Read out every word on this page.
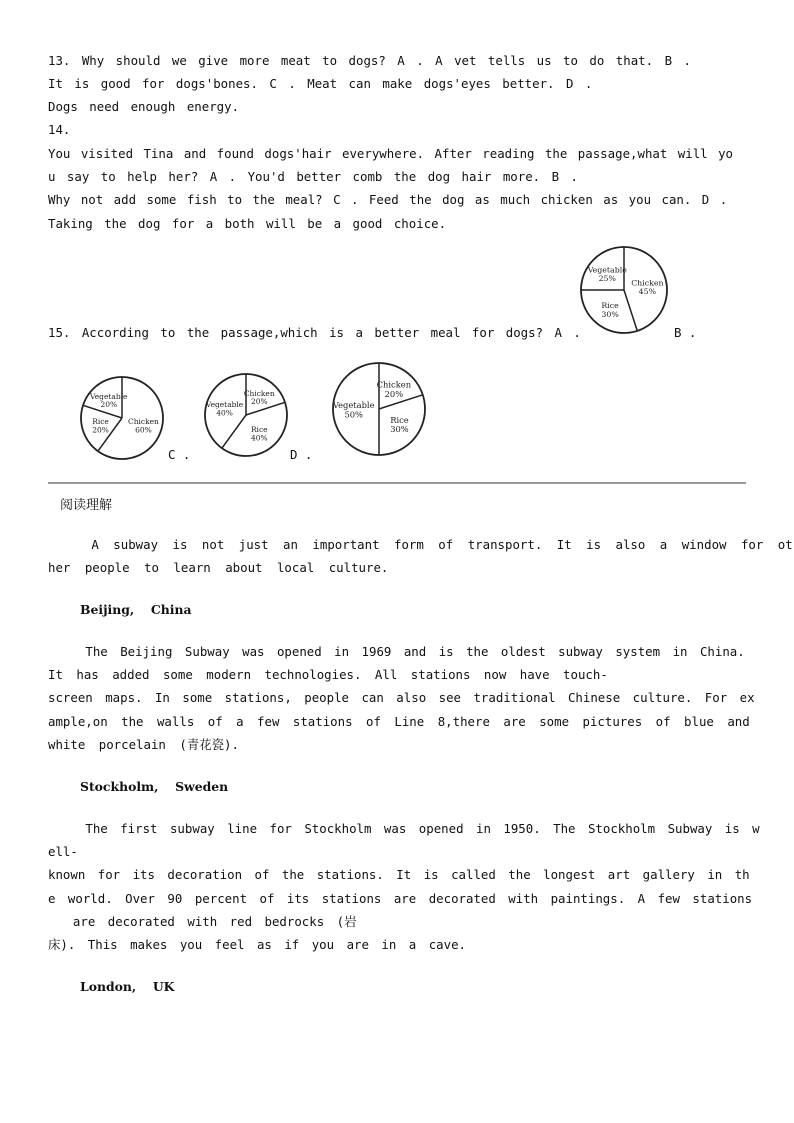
13. Why should we give more meat to dogs? A . A vet tells us to do that. B .
It is good for dogs'bones. C . Meat can make dogs'eyes better. D .
Dogs need enough energy.
14.
You visited Tina and found dogs'hair everywhere. After reading the passage,what will yo
u say to help her? A . You'd better comb the dog hair more. B .
Why not add some fish to the meal? C . Feed the dog as much chicken as you can. D .
Taking the dog for a both will be a good choice.
15. According to the passage,which is a better meal for dogs? A .
Chicken
45%
Rice
30%
Vegetable
25%
B .
Chicken
60%
Rice
20%
Vegetable
20%
C .
Chicken
20%
Rice
40%
Vegetable
40%
D .
Chicken
20%
Rice
30%
Vegetable
50%
阅读理解
A subway is not just an important form of transport. It is also a window for ot
her people to learn about local culture.
Beijing,  China
The Beijing Subway was opened in 1969 and is the oldest subway system in China.
It has added some modern technologies. All stations now have touch-
screen maps. In some stations, people can also see traditional Chinese culture. For ex
ample,on the walls of a few stations of Line 8,there are some pictures of blue and
white porcelain (青花瓷).
Stockholm,  Sweden
The first subway line for Stockholm was opened in 1950. The Stockholm Subway is w
ell-
known for its decoration of the stations. It is called the longest art gallery in th
e world. Over 90 percent of its stations are decorated with paintings. A few stations
are decorated with red bedrocks (岩
床). This makes you feel as if you are in a cave.
London,  UK
